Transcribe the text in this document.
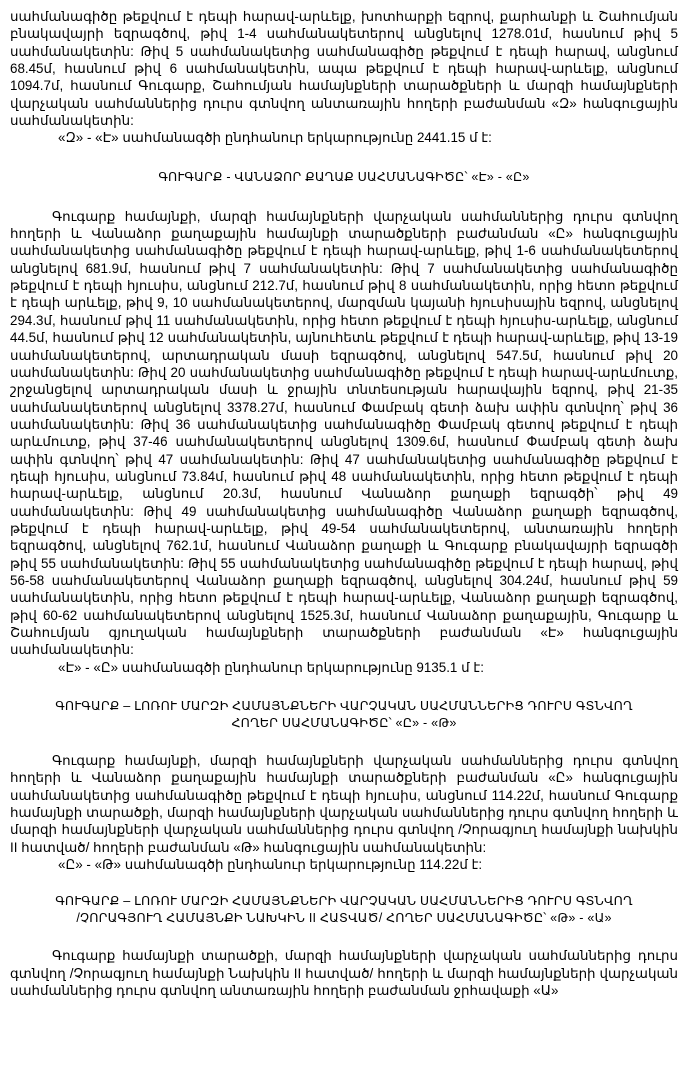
սահմանագիծը թեքվում է դեպի հարավ-արևելք, խոտհարքի եզրով, քարհանքի և Շահումյան բնակավայրի եզրագծով, թիվ 1-4 սահմանակետերով անցնելով 1278.01մ, հասնում թիվ 5 սահմանակետին: Թիվ 5 սահմանակետից սահմանագիծը թեքվում է դեպի հարավ, անցնում 68.45մ, հասնում թիվ 6 սահմանակետին, ապա թեքվում է դեպի հարավ-արևելք, անցնում 1094.7մ, հասնում Գուգարք, Շահումյան համայնքների տարածքների և մարզի համայնքների վարչական սահմաններից դուրս գտնվող անտառային հողերի բաժանման «Զ» հանգուցային սահմանակետին:

«Զ» - «Է» սահմանագծի ընդհանուր երկարությունը 2441.15 մ է:

ԳՈՒԳԱՐՔ - ՎԱՆԱՁՈՐ ՔԱՂԱՔ ՍԱՀՄԱՆԱԳԻԾԸ՝ «Է» - «Ը»

Գուգարք համայնքի, մարզի համայնքների վարչական սահմաններից դուրս գտնվող հողերի և Վանաձոր քաղաքային համայնքի տարածքների բաժանման «Ը» հանգուցային սահմանակետից սահմանագիծը թեքվում է դեպի հարավ-արևելք, թիվ 1-6 սահմանակետերով անցնելով 681.9մ, հասնում թիվ 7 սահմանակետին: Թիվ 7 սահմանակետից սահմանագիծը թեքվում է դեպի հյուսիս, անցնում 212.7մ, հասնում թիվ 8 սահմանակետին, որից հետո թեքվում է դեպի արևելք, թիվ 9, 10 սահմանակետերով, մարզման կայանի հյուսիսային եզրով, անցնելով 294.3մ, հասնում թիվ 11 սահմանակետին, որից հետո թեքվում է դեպի հյուսիս-արևելք, անցնում 44.5մ, հասնում թիվ 12 սահմանակետին, այնուհետև թեքվում է դեպի հարավ-արևելք, թիվ 13-19 սահմանակետերով, արտադրական մասի եզրագծով, անցնելով 547.5մ, հասնում թիվ 20 սահմանակետին: Թիվ 20 սահմանակետից սահմանագիծը թեքվում է դեպի հարավ-արևմուտք, շրջանցելով արտադրական մասի և ջրային տնտեսության հարավային եզրով, թիվ 21-35 սահմանակետերով անցնելով 3378.27մ, հասնում Փամբակ գետի ձախ ափին գտնվող՝ թիվ 36 սահմանակետին: Թիվ 36 սահմանակետից սահմանագիծը Փամբակ գետով թեքվում է դեպի արևմուտք, թիվ 37-46 սահմանակետերով անցնելով 1309.6մ, հասնում Փամբակ գետի ձախ ափին գտնվող՝ թիվ 47 սահմանակետին: Թիվ 47 սահմանակետից սահմանագիծը թեքվում է դեպի հյուսիս, անցնում 73.84մ, հասնում թիվ 48 սահմանակետին, որից հետո թեքվում է դեպի հարավ-արևելք, անցնում 20.3մ, հասնում Վանաձոր քաղաքի եզրագծի՝ թիվ 49 սահմանակետին: Թիվ 49 սահմանակետից սահմանագիծը Վանաձոր քաղաքի եզրագծով, թեքվում է դեպի հարավ-արևելք, թիվ 49-54 սահմանակետերով, անտառային հողերի եզրագծով, անցնելով 762.1մ, հասնում Վանաձոր քաղաքի և Գուգարք բնակավայրի եզրագծի թիվ 55 սահմանակետին: Թիվ 55 սահմանակետից սահմանագիծը թեքվում է դեպի հարավ, թիվ 56-58 սահմանակետերով Վանաձոր քաղաքի եզրագծով, անցնելով 304.24մ, հասնում թիվ 59 սահմանակետին, որից հետո թեքվում է դեպի հարավ-արևելք, Վանաձոր քաղաքի եզրագծով, թիվ 60-62 սահմանակետերով անցնելով 1525.3մ, հասնում Վանաձոր քաղաքային, Գուգարք և Շահումյան գյուղական համայնքների տարածքների բաժանման «Է» հանգուցային սահմանակետին:

«Է» - «Ը» սահմանագծի ընդհանուր երկարությունը 9135.1 մ է:

ԳՈՒԳԱՐՔ – ԼՈՌՈՒ ՄԱՐԶԻ ՀԱՄԱՅՆՔՆԵՐԻ ՎԱՐՉԱԿԱՆ ՍԱՀՄԱՆՆԵՐԻՑ ԴՈՒՐՍ ԳՏՆՎՈՂ
ՀՈՂԵՐ ՍԱՀՄԱՆԱԳԻԾԸ՝ «Ը» - «Թ»

Գուգարք համայնքի, մարզի համայնքների վարչական սահմաններից դուրս գտնվող հողերի և Վանաձոր քաղաքային համայնքի տարածքների բաժանման «Ը» հանգուցային սահմանակետից սահմանագիծը թեքվում է դեպի հյուսիս, անցնում 114.22մ, հասնում Գուգարք համայնքի տարածքի, մարզի համայնքների վարչական սահմաններից դուրս գտնվող հողերի և մարզի համայնքների վարչական սահմաններից դուրս գտնվող /Չորագյուղ համայնքի նախկին II հատված/ հողերի բաժանման «Թ» հանգուցային սահմանակետին:

«Ը» - «Թ» սահմանագծի ընդհանուր երկարությունը 114.22մ է:

ԳՈՒԳԱՐՔ – ԼՈՌՈՒ ՄԱՐԶԻ ՀԱՄԱՅՆՔՆԵՐԻ ՎԱՐՉԱԿԱՆ ՍԱՀՄԱՆՆԵՐԻՑ ԴՈՒՐՍ ԳՏՆՎՈՂ
/ՉՈՐԱԳՅՈՒՂ ՀԱՄԱՅՆՔԻ ՆԱԽԿԻՆ II ՀԱՏՎԱԾ/ ՀՈՂԵՐ ՍԱՀՄԱՆԱԳԻԾԸ՝ «Թ» - «Ա»

Գուգարք համայնքի տարածքի, մարզի համայնքների վարչական սահմաններից դուրս գտնվող /Չորագյուղ համայնքի Նախկին II հատված/ հողերի և մարզի համայնքների վարչական սահմաններից դուրս գտնվող անտառային հողերի բաժանման ջրհավաքի «Ա»
